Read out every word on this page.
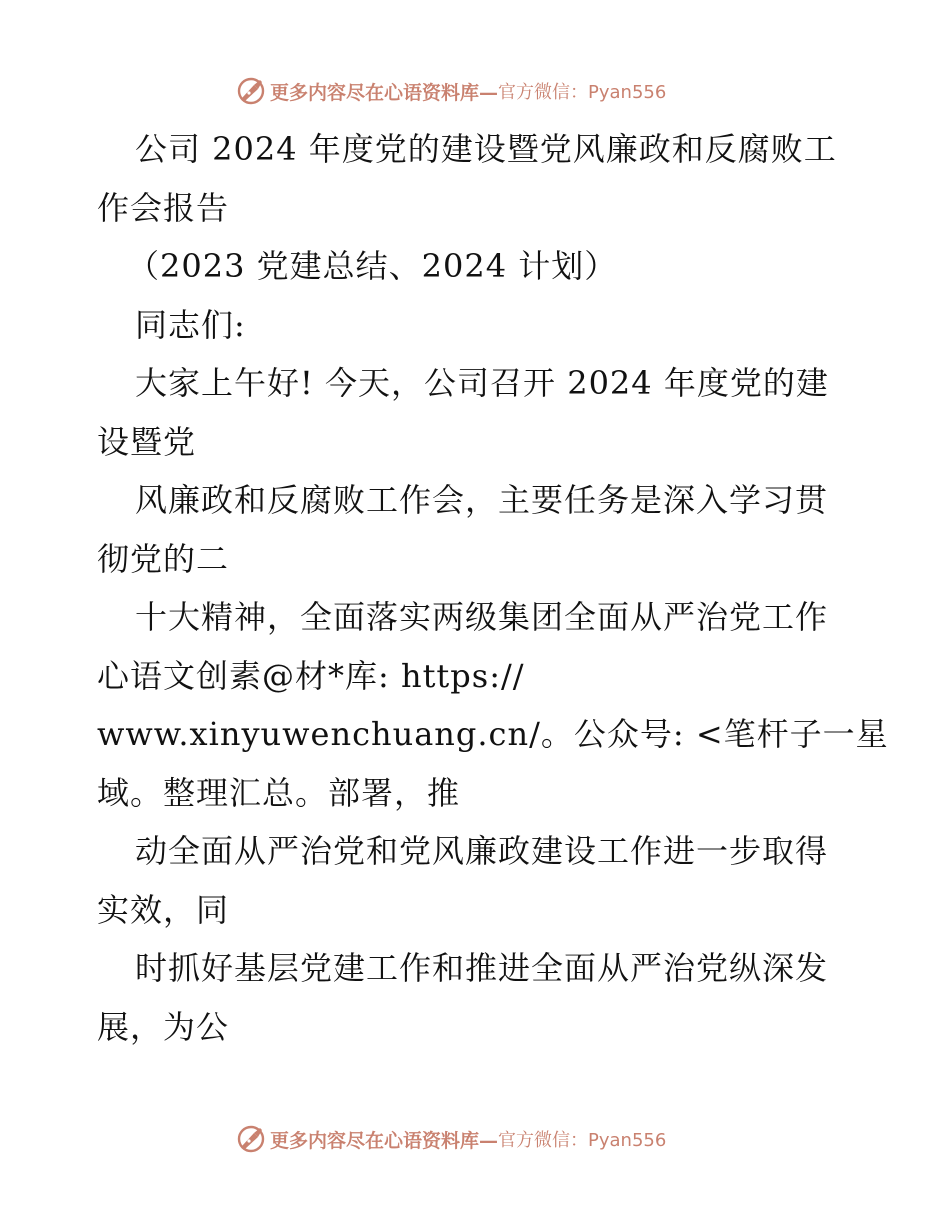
更多内容尽在心语资料库— 官方微信：Pyan556
公司 2024 年度党的建设暨党风廉政和反腐败工
作会报告
（2023 党建总结、2024 计划）
同志们:
大家上午好! 今天，公司召开 2024 年度党的建
设暨党
风廉政和反腐败工作会，主要任务是深入学习贯
彻党的二
十大精神，全面落实两级集团全面从严治党工作
心语文创素@材*库: https://
www.xinyuwenchuang.cn/。公众号: <笔杆子一星
域。整理汇总。部署，推
动全面从严治党和党风廉政建设工作进一步取得
实效，同
时抓好基层党建工作和推进全面从严治党纵深发
展，为公
更多内容尽在心语资料库— 官方微信：Pyan556
